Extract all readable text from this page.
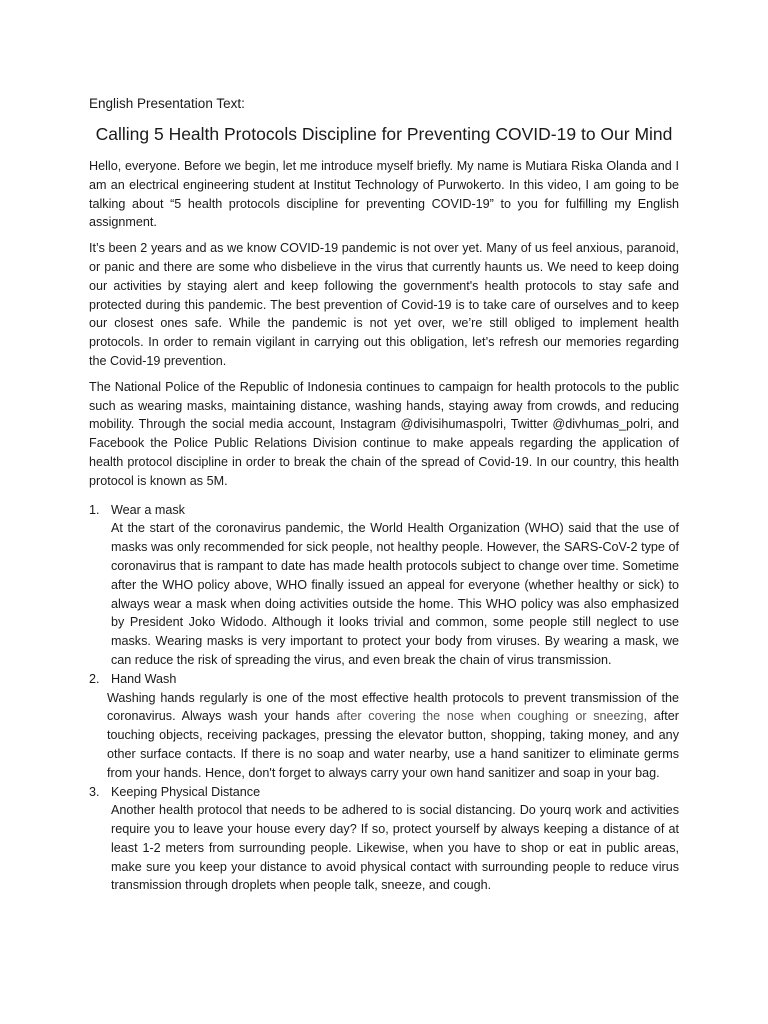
English Presentation Text:

Calling 5 Health Protocols Discipline for Preventing COVID-19 to Our Mind

Hello, everyone. Before we begin, let me introduce myself briefly. My name is Mutiara Riska Olanda and I am an electrical engineering student at Institut Technology of Purwokerto. In this video, I am going to be talking about “5 health protocols discipline for preventing COVID-19” to you for fulfilling my English assignment.

It’s been 2 years and as we know COVID-19 pandemic is not over yet. Many of us feel anxious, paranoid, or panic and there are some who disbelieve in the virus that currently haunts us. We need to keep doing our activities by staying alert and keep following the government's health protocols to stay safe and protected during this pandemic. The best prevention of Covid-19 is to take care of ourselves and to keep our closest ones safe. While the pandemic is not yet over, we’re still obliged to implement health protocols. In order to remain vigilant in carrying out this obligation, let’s refresh our memories regarding the Covid-19 prevention.

The National Police of the Republic of Indonesia continues to campaign for health protocols to the public such as wearing masks, maintaining distance, washing hands, staying away from crowds, and reducing mobility. Through the social media account, Instagram @divisihumaspolri, Twitter @divhumas_polri, and Facebook the Police Public Relations Division continue to make appeals regarding the application of health protocol discipline in order to break the chain of the spread of Covid-19. In our country, this health protocol is known as 5M.

1. Wear a mask

At the start of the coronavirus pandemic, the World Health Organization (WHO) said that the use of masks was only recommended for sick people, not healthy people. However, the SARS-CoV-2 type of coronavirus that is rampant to date has made health protocols subject to change over time. Sometime after the WHO policy above, WHO finally issued an appeal for everyone (whether healthy or sick) to always wear a mask when doing activities outside the home. This WHO policy was also emphasized by President Joko Widodo. Although it looks trivial and common, some people still neglect to use masks. Wearing masks is very important to protect your body from viruses. By wearing a mask, we can reduce the risk of spreading the virus, and even break the chain of virus transmission.

2. Hand Wash

Washing hands regularly is one of the most effective health protocols to prevent transmission of the coronavirus. Always wash your hands after covering the nose when coughing or sneezing, after touching objects, receiving packages, pressing the elevator button, shopping, taking money, and any other surface contacts. If there is no soap and water nearby, use a hand sanitizer to eliminate germs from your hands. Hence, don't forget to always carry your own hand sanitizer and soap in your bag.

3. Keeping Physical Distance

Another health protocol that needs to be adhered to is social distancing. Do yourq work and activities require you to leave your house every day? If so, protect yourself by always keeping a distance of at least 1-2 meters from surrounding people. Likewise, when you have to shop or eat in public areas, make sure you keep your distance to avoid physical contact with surrounding people to reduce virus transmission through droplets when people talk, sneeze, and cough.
